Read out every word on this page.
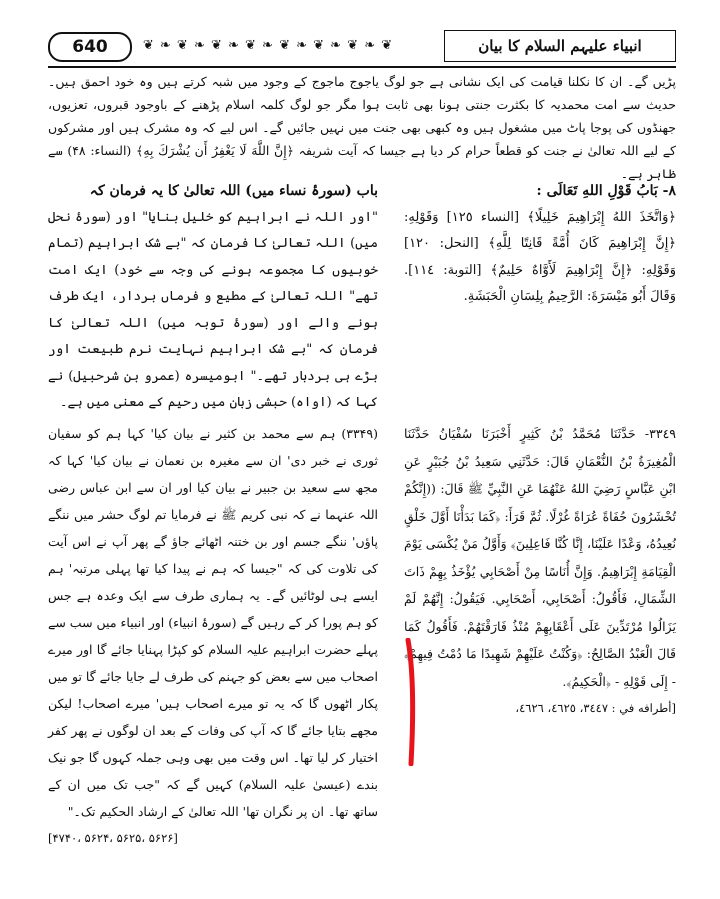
640	❦ ❧ ❦ ❧ ❦ ❧ ❦ ❧ ❦ ❧ ❦ ❧ ❦ ❧ ❦	انبیاء علیہم السلام کا بیان
پڑیں گے۔ ان کا نکلنا قیامت کی ایک نشانی ہے جو لوگ یاجوج ماجوج کے وجود میں شبہ کرتے ہیں وہ خود احمق ہیں۔ حدیث سے امت محمدیہ کا بکثرت جنتی ہونا بھی ثابت ہوا مگر جو لوگ کلمہ اسلام پڑھنے کے باوجود قبروں، تعزیوں، جھنڈوں کی پوجا پاٹ میں مشغول ہیں وہ کبھی بھی جنت میں نہیں جائیں گے۔ اس لیے کہ وہ مشرک ہیں اور مشرکوں کے لیے اللہ تعالیٰ نے جنت کو قطعاً حرام کر دیا ہے جیسا کہ آیت شریفہ ﴿إِنَّ اللَّهَ لَا يَغْفِرُ أَن يُشْرَكَ بِهِ﴾ (النساء: ۴۸) سے ظاہر ہے۔
٨- بَابُ قَوْلِ اللهِ تَعَالَى :
﴿وَاتَّخَذَ اللهُ إِبْرَاهِيمَ خَلِيلًا﴾ [النساء ١٢٥] وَقَوْلِهِ: ﴿إِنَّ إِبْرَاهِيمَ كَانَ أُمَّةً قَانِتًا لِلَّهِ﴾ [النحل: ١٢٠] وَقَوْلِهِ: ﴿إِنَّ إِبْرَاهِيمَ لَأَوَّاهٌ حَلِيمٌ﴾ [التوبة: ١١٤]. وَقَالَ أَبُو مَيْسَرَةَ: الرَّحِيمُ بِلِسَانِ الْحَبَشَةِ.
باب (سورۂ نساء میں) اللہ تعالیٰ کا یہ فرمان کہ
"اور اللہ نے ابراہیم کو خلیل بنایا" اور (سورۂ نحل میں) اللہ تعالیٰ کا فرمان کہ "بے شک ابراہیم (تمام خوبیوں کا مجموعہ ہونے کی وجہ سے خود) ایک امت تھے" اللہ تعالیٰ کے مطیع و فرماں بردار، ایک طرف ہونے والے اور (سورۂ توبہ میں) اللہ تعالیٰ کا فرمان کہ "بے شک ابراہیم نہایت نرم طبیعت اور بڑے ہی بردبار تھے۔" ابومیسرہ (عمرو بن شرحبیل) نے کہا کہ (اواہ) حبشی زبان میں رحیم کے معنی میں ہے۔
٣٣٤٩- حَدَّثَنَا مُحَمَّدُ بْنُ كَثِيرٍ أَخْبَرَنَا سُفْيَانُ حَدَّثَنَا الْمُغِيرَةُ بْنُ النُّعْمَانِ قَالَ: حَدَّثَنِي سَعِيدُ بْنُ جُبَيْرٍ عَنِ ابْنِ عَبَّاسٍ رَضِيَ اللهُ عَنْهُمَا عَنِ النَّبِيِّ ﷺ قَالَ: ((إِنَّكُمْ تُحْشَرُونَ حُفَاةً عُرَاةً غُرْلًا. ثُمَّ قَرَأَ: ﴿كَمَا بَدَأْنَا أَوَّلَ خَلْقٍ نُعِيدُهُ، وَعْدًا عَلَيْنَا، إِنَّا كُنَّا فَاعِلِينَ﴾ وَأَوَّلُ مَنْ يُكْسَى يَوْمَ الْقِيَامَةِ إِبْرَاهِيمُ. وَإِنَّ أُنَاسًا مِنْ أَصْحَابِي يُؤْخَذُ بِهِمْ ذَاتَ الشِّمَالِ، فَأَقُولُ: أَصْحَابِي، أَصْحَابِي. فَيَقُولُ: إِنَّهُمْ لَمْ يَزَالُوا مُرْتَدِّينَ عَلَى أَعْقَابِهِمْ مُنْذُ فَارَقْتَهُمْ. فَأَقُولُ كَمَا قَالَ الْعَبْدُ الصَّالِحُ: ﴿وَكُنْتُ عَلَيْهِمْ شَهِيدًا مَا دُمْتُ فِيهِمْ﴾ - إِلَى قَوْلِهِ - ﴿الْحَكِيمُ﴾.
[أطرافه في : ٣٤٤٧، ٤٦٢٥، ٤٦٢٦،
(۳۳۴۹) ہم سے محمد بن کثیر نے بیان کیا' کہا ہم کو سفیان ثوری نے خبر دی' ان سے مغیرہ بن نعمان نے بیان کیا' کہا کہ مجھ سے سعید بن جبیر نے بیان کیا اور ان سے ابن عباس رضی اللہ عنہما نے کہ نبی کریم ﷺ نے فرمایا تم لوگ حشر میں ننگے پاؤں' ننگے جسم اور بن ختنہ اٹھائے جاؤ گے پھر آپ نے اس آیت کی تلاوت کی کہ "جیسا کہ ہم نے پیدا کیا تھا پہلی مرتبہ' ہم ایسے ہی لوٹائیں گے۔ یہ ہماری طرف سے ایک وعدہ ہے جس کو ہم پورا کر کے رہیں گے (سورۂ انبیاء) اور انبیاء میں سب سے پہلے حضرت ابراہیم علیہ السلام کو کپڑا پہنایا جائے گا اور میرے اصحاب میں سے بعض کو جہنم کی طرف لے جایا جائے گا تو میں پکار اٹھوں گا کہ یہ تو میرے اصحاب ہیں' میرے اصحاب! لیکن مجھے بتایا جائے گا کہ آپ کی وفات کے بعد ان لوگوں نے پھر کفر اختیار کر لیا تھا۔ اس وقت میں بھی وہی جملہ کہوں گا جو نیک بندے (عیسیٰ علیہ السلام) کہیں گے کہ "جب تک میں ان کے ساتھ تھا۔ ان پر نگران تھا' اللہ تعالیٰ کے ارشاد الحکیم تک۔"
[۴۷۴۰، ۵۶۲۴، ۵۶۲۵، ۵۶۲۶]
